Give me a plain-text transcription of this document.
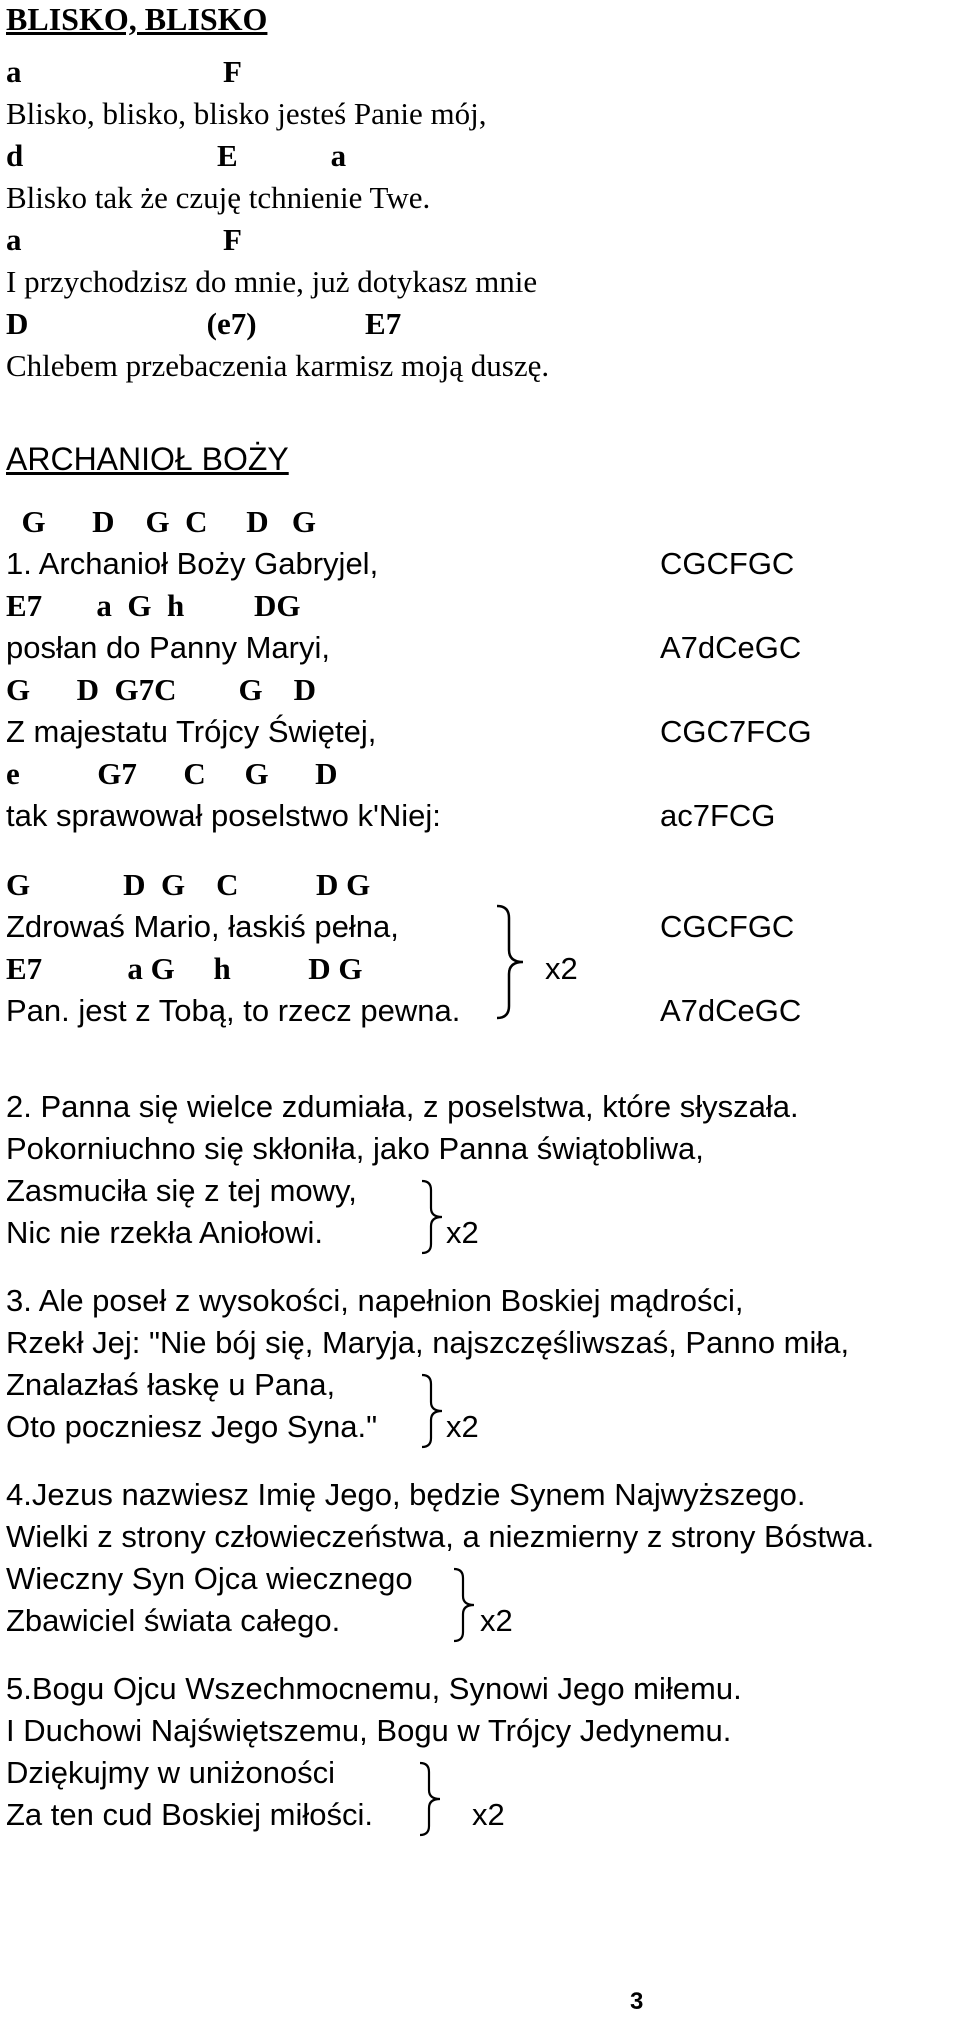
BLISKO, BLISKO
a                          F
Blisko, blisko, blisko jesteś Panie mój,
d                         E            a
Blisko tak że czuję tchnienie Twe.
a                          F
I przychodzisz do mnie, już dotykasz mnie
D                       (e7)              E7
Chlebem przebaczenia karmisz moją duszę.
ARCHANIOŁ BOŻY
G      D    G  C     D   G
1. Archanioł Boży Gabryjel,	CGCFGC
E7       a  G  h         DG
posłan do Panny Maryi,	A7dCeGC
G      D  G7C        G    D
Z majestatu Trójcy Świętej,	CGC7FCG
e          G7      C     G      D
tak sprawował poselstwo k'Niej:	ac7FCG
G            D  G    C          D G
Zdrowaś Mario, łaskiś pełna,	CGCFGC
E7           a G     h          D G
Pan. jest z Tobą, to rzecz pewna.	A7dCeGC
x2
2. Panna się wielce zdumiała, z poselstwa, które słyszała.
Pokorniuchno się skłoniła, jako Panna świątobliwa,
Zasmuciła się z tej mowy,
Nic nie rzekła Aniołowi.	x2
3. Ale poseł z wysokości, napełnion Boskiej mądrości,
Rzekł Jej: "Nie bój się, Maryja, najszczęśliwszaś, Panno miła,
Znalazłaś łaskę u Pana,
Oto poczniesz Jego Syna." x2
4.Jezus nazwiesz Imię Jego, będzie Synem Najwyższego.
Wielki z strony człowieczeństwa, a niezmierny z strony Bóstwa.
Wieczny Syn Ojca wiecznego
Zbawiciel świata całego.	x2
5.Bogu Ojcu Wszechmocnemu, Synowi Jego miłemu.
I Duchowi Najświętszemu, Bogu w Trójcy Jedynemu.
Dziękujmy w uniżoności
Za ten cud Boskiej miłości.	x2
3
